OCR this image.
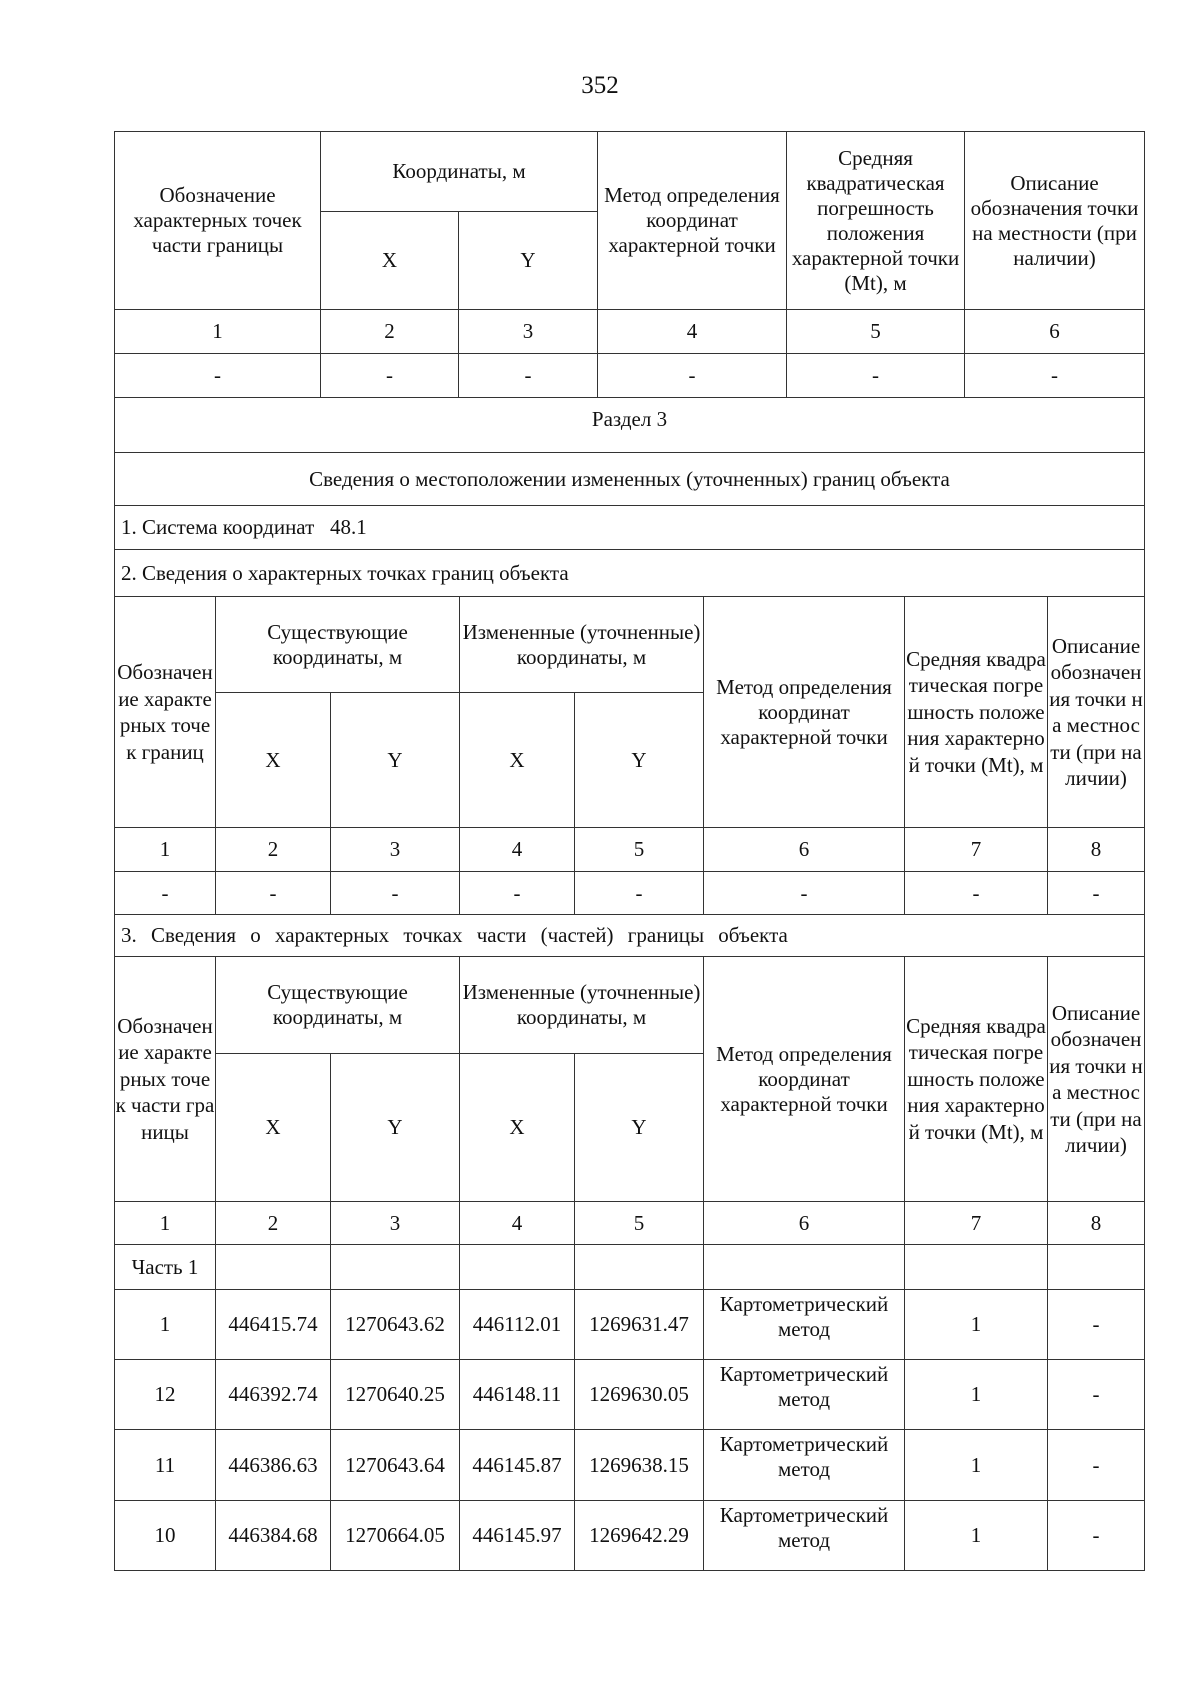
352
Обозначение характерных точек части границы	Координаты, м		Метод определения координат характерной точки	Средняя квадратическая погрешность положения характерной точки (Mt), м	Описание обозначения точки на местности (при наличии)
	X	Y			
1	2	3	4	5	6
-	-	-	-	-	-
Раздел 3					
Сведения о местоположении измененных (уточненных) границ объекта					
1. Система координат   48.1					
2. Сведения о характерных точках границ объекта					
Обозначение характерных точек границ	Существующие координаты, м		Измененные (уточненные) координаты, м		Метод определения координат характерной точки	Средняя квадратическая погрешность положения характерной точки (Mt), м	Описание обозначения точки на местности (при наличии)
	X	Y	X	Y			
1	2	3	4	5	6	7	8
-	-	-	-	-	-	-	-
3. Сведения о характерных точках части (частей) границы объекта							
Обозначение характерных точек части границы	Существующие координаты, м		Измененные (уточненные) координаты, м		Метод определения координат характерной точки	Средняя квадратическая погрешность положения характерной точки (Mt), м	Описание обозначения точки на местности (при наличии)
	X	Y	X	Y			
1	2	3	4	5	6	7	8
Часть 1							
1	446415.74	1270643.62	446112.01	1269631.47	Картометрический метод	1	-
12	446392.74	1270640.25	446148.11	1269630.05	Картометрический метод	1	-
11	446386.63	1270643.64	446145.87	1269638.15	Картометрический метод	1	-
10	446384.68	1270664.05	446145.97	1269642.29	Картометрический метод	1	-
